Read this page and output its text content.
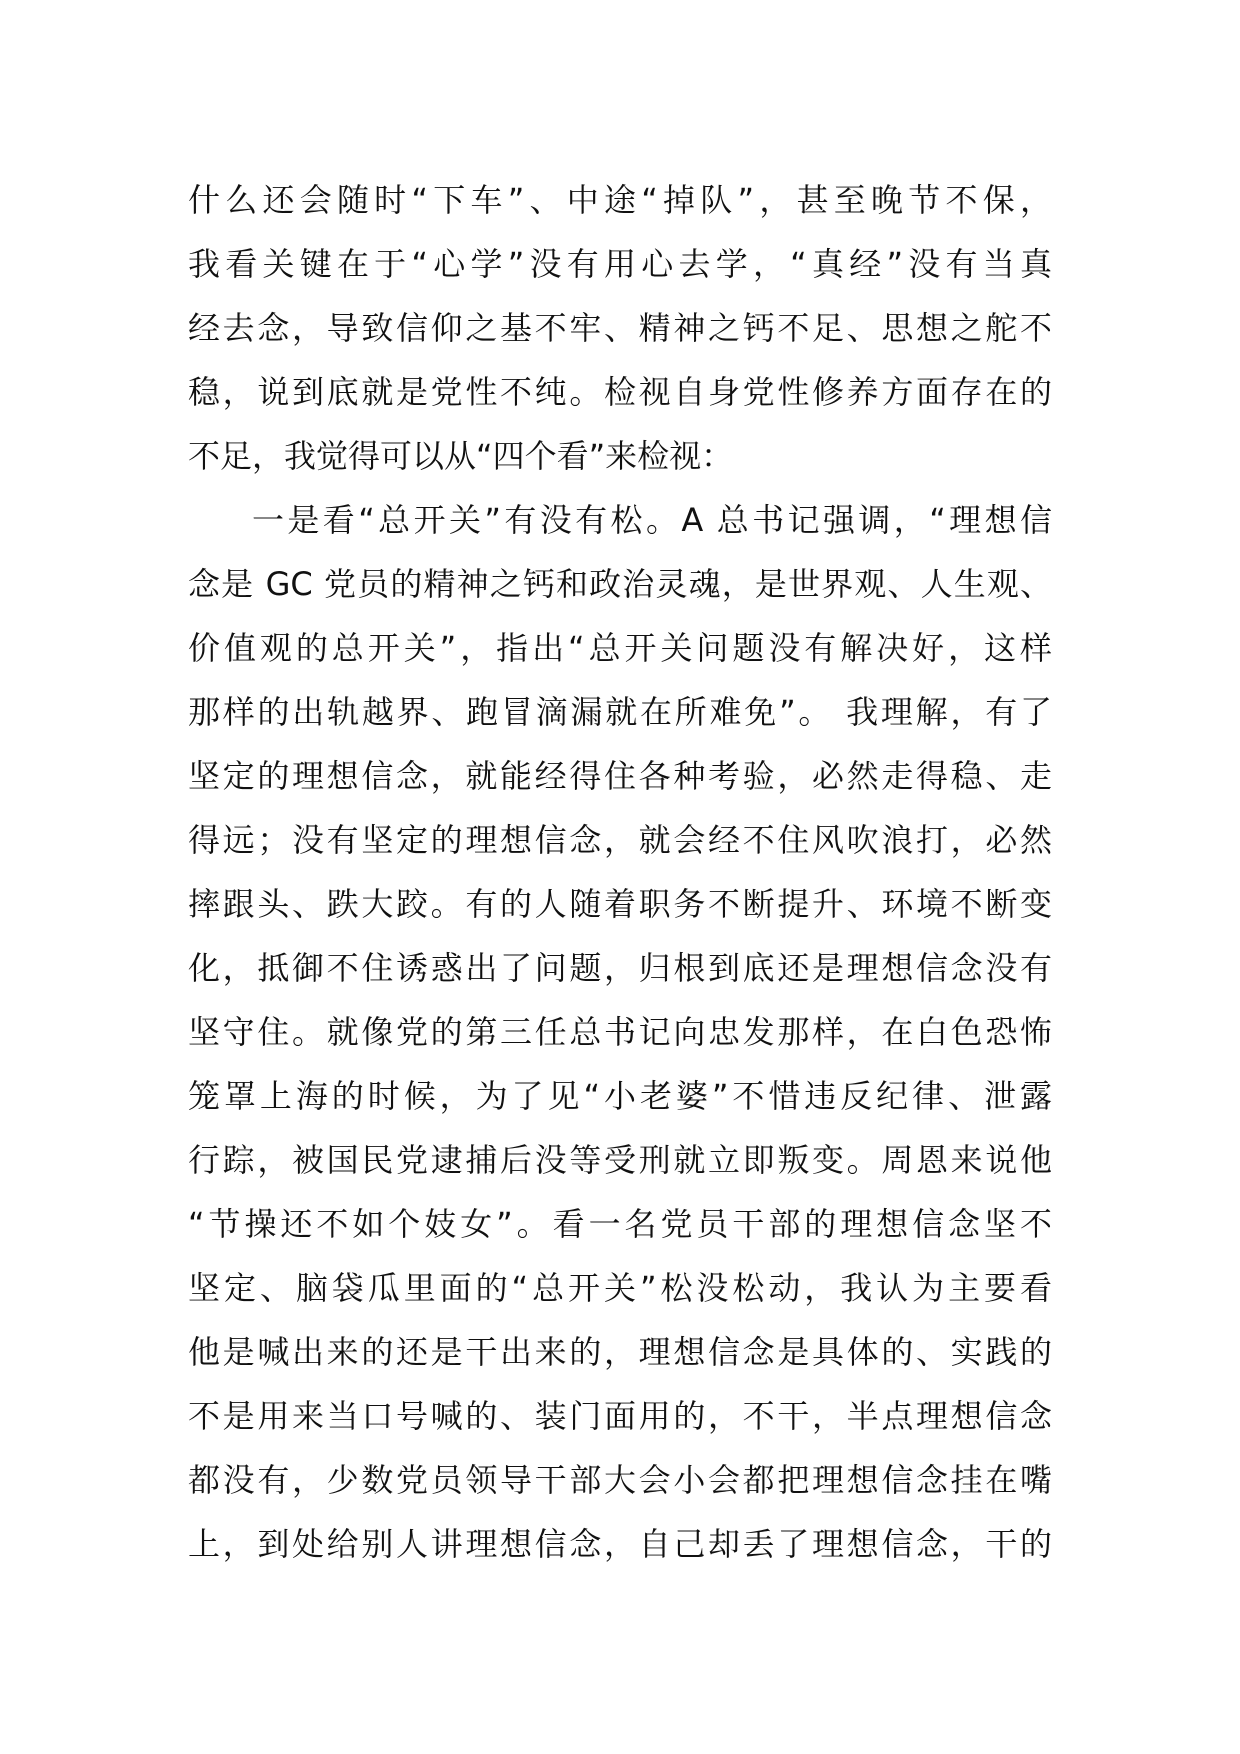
什么还会随时“下车”、中途“掉队”，甚至晚节不保，
我看关键在于“心学”没有用心去学，“真经”没有当真
经去念，导致信仰之基不牢、精神之钙不足、思想之舵不
稳，说到底就是党性不纯。检视自身党性修养方面存在的
不足，我觉得可以从“四个看”来检视：
一是看“总开关”有没有松。A 总书记强调，“理想信
念是 GC 党员的精神之钙和政治灵魂，是世界观、人生观、
价值观的总开关”，指出“总开关问题没有解决好，这样
那样的出轨越界、跑冒滴漏就在所难免”。 我理解，有了
坚定的理想信念，就能经得住各种考验，必然走得稳、走
得远；没有坚定的理想信念，就会经不住风吹浪打，必然
摔跟头、跌大跤。有的人随着职务不断提升、环境不断变
化，抵御不住诱惑出了问题，归根到底还是理想信念没有
坚守住。就像党的第三任总书记向忠发那样，在白色恐怖
笼罩上海的时候，为了见“小老婆”不惜违反纪律、泄露
行踪，被国民党逮捕后没等受刑就立即叛变。周恩来说他
“节操还不如个妓女”。看一名党员干部的理想信念坚不
坚定、脑袋瓜里面的“总开关”松没松动，我认为主要看
他是喊出来的还是干出来的，理想信念是具体的、实践的
不是用来当口号喊的、装门面用的，不干，半点理想信念
都没有，少数党员领导干部大会小会都把理想信念挂在嘴
上，到处给别人讲理想信念，自己却丢了理想信念，干的
